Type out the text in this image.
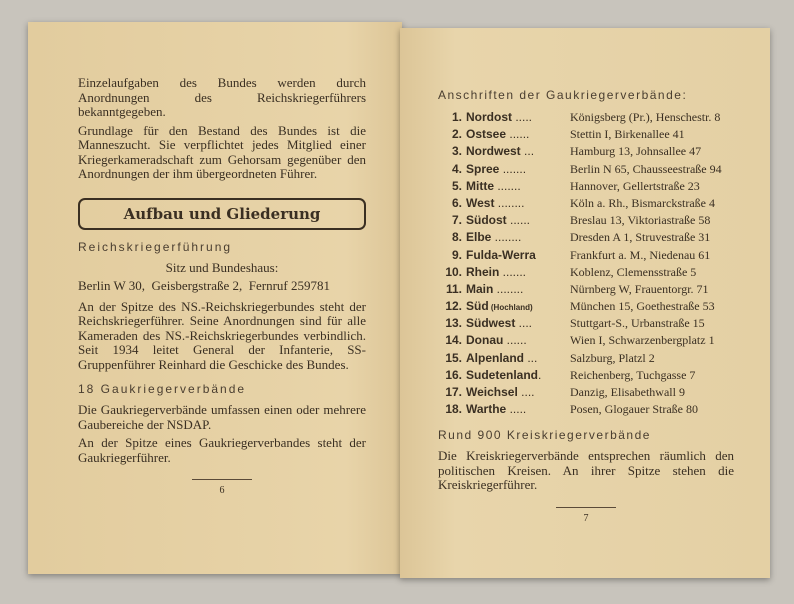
Einzelaufgaben des Bundes werden durch Anordnungen des Reichskriegerführers bekanntgegeben.
Grundlage für den Bestand des Bundes ist die Manneszucht. Sie verpflichtet jedes Mitglied einer Kriegerkameradschaft zum Gehorsam gegenüber den Anordnungen der ihm übergeordneten Führer.
Aufbau und Gliederung
Reichskriegerführung
Sitz und Bundeshaus:
Berlin W 30,  Geisbergstraße 2,  Fernruf 259781
An der Spitze des NS.-Reichskriegerbundes steht der Reichskriegerführer. Seine Anordnungen sind für alle Kameraden des NS.-Reichskriegerbundes verbindlich. Seit 1934 leitet General der Infanterie, SS-Gruppenführer Reinhard die Geschicke des Bundes.
18 Gaukriegerverbände
Die Gaukriegerverbände umfassen einen oder mehrere Gaubereiche der NSDAP.
An der Spitze eines Gaukriegerverbandes steht der Gaukriegerführer.
6
Anschriften der Gaukriegerverbände:
1. Nordost .....	Königsberg (Pr.), Henschestr. 8
2. Ostsee ......	Stettin I, Birkenallee 41
3. Nordwest ...	Hamburg 13, Johnsallee 47
4. Spree .......	Berlin N 65, Chausseestraße 94
5. Mitte .......	Hannover, Gellertstraße 23
6. West ........	Köln a. Rh., Bismarckstraße 4
7. Südost ......	Breslau 13, Viktoriastraße 58
8. Elbe ........	Dresden A 1, Struvestraße 31
9. Fulda-Werra	Frankfurt a. M., Niedenau 61
10. Rhein .......	Koblenz, Clemensstraße 5
11. Main ........	Nürnberg W, Frauentorgr. 71
12. Süd (Hochland)	München 15, Goethestraße 53
13. Südwest ....	Stuttgart-S., Urbanstraße 15
14. Donau ......	Wien I, Schwarzenbergplatz 1
15. Alpenland ...	Salzburg, Platzl 2
16. Sudetenland.	Reichenberg, Tuchgasse 7
17. Weichsel ....	Danzig, Elisabethwall 9
18. Warthe .....	Posen, Glogauer Straße 80
Rund 900 Kreiskriegerverbände
Die Kreiskriegerverbände entsprechen räumlich den politischen Kreisen. An ihrer Spitze stehen die Kreiskriegerführer.
7
